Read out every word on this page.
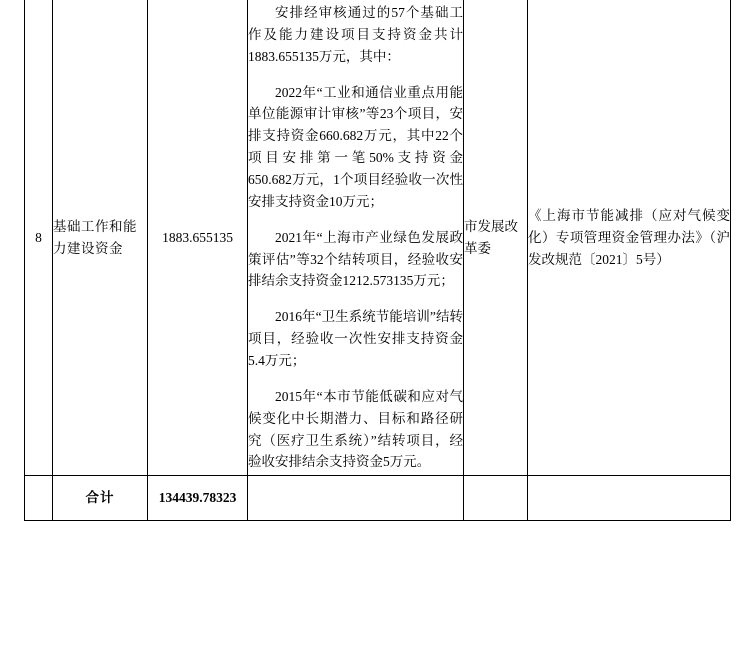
8	基础工作和能力建设资金	1883.655135	安排经审核通过的57个基础工作及能力建设项目支持资金共计1883.655135万元，其中：

2022年“工业和通信业重点用能单位能源审计审核”等23个项目，安排支持资金660.682万元，其中22个项目安排第一笔50%支持资金650.682万元，1个项目经验收一次性安排支持资金10万元；

2021年“上海市产业绿色发展政策评估”等32个结转项目，经验收安排结余支持资金1212.573135万元；

2016年“卫生系统节能培训”结转项目，经验收一次性安排支持资金5.4万元；

2015年“本市节能低碳和应对气候变化中长期潜力、目标和路径研究（医疗卫生系统）”结转项目，经验收安排结余支持资金5万元。	市发展改革委	《上海市节能减排（应对气候变化）专项管理资金管理办法》（沪发改规范〔2021〕5号）
	合计	134439.78323			
